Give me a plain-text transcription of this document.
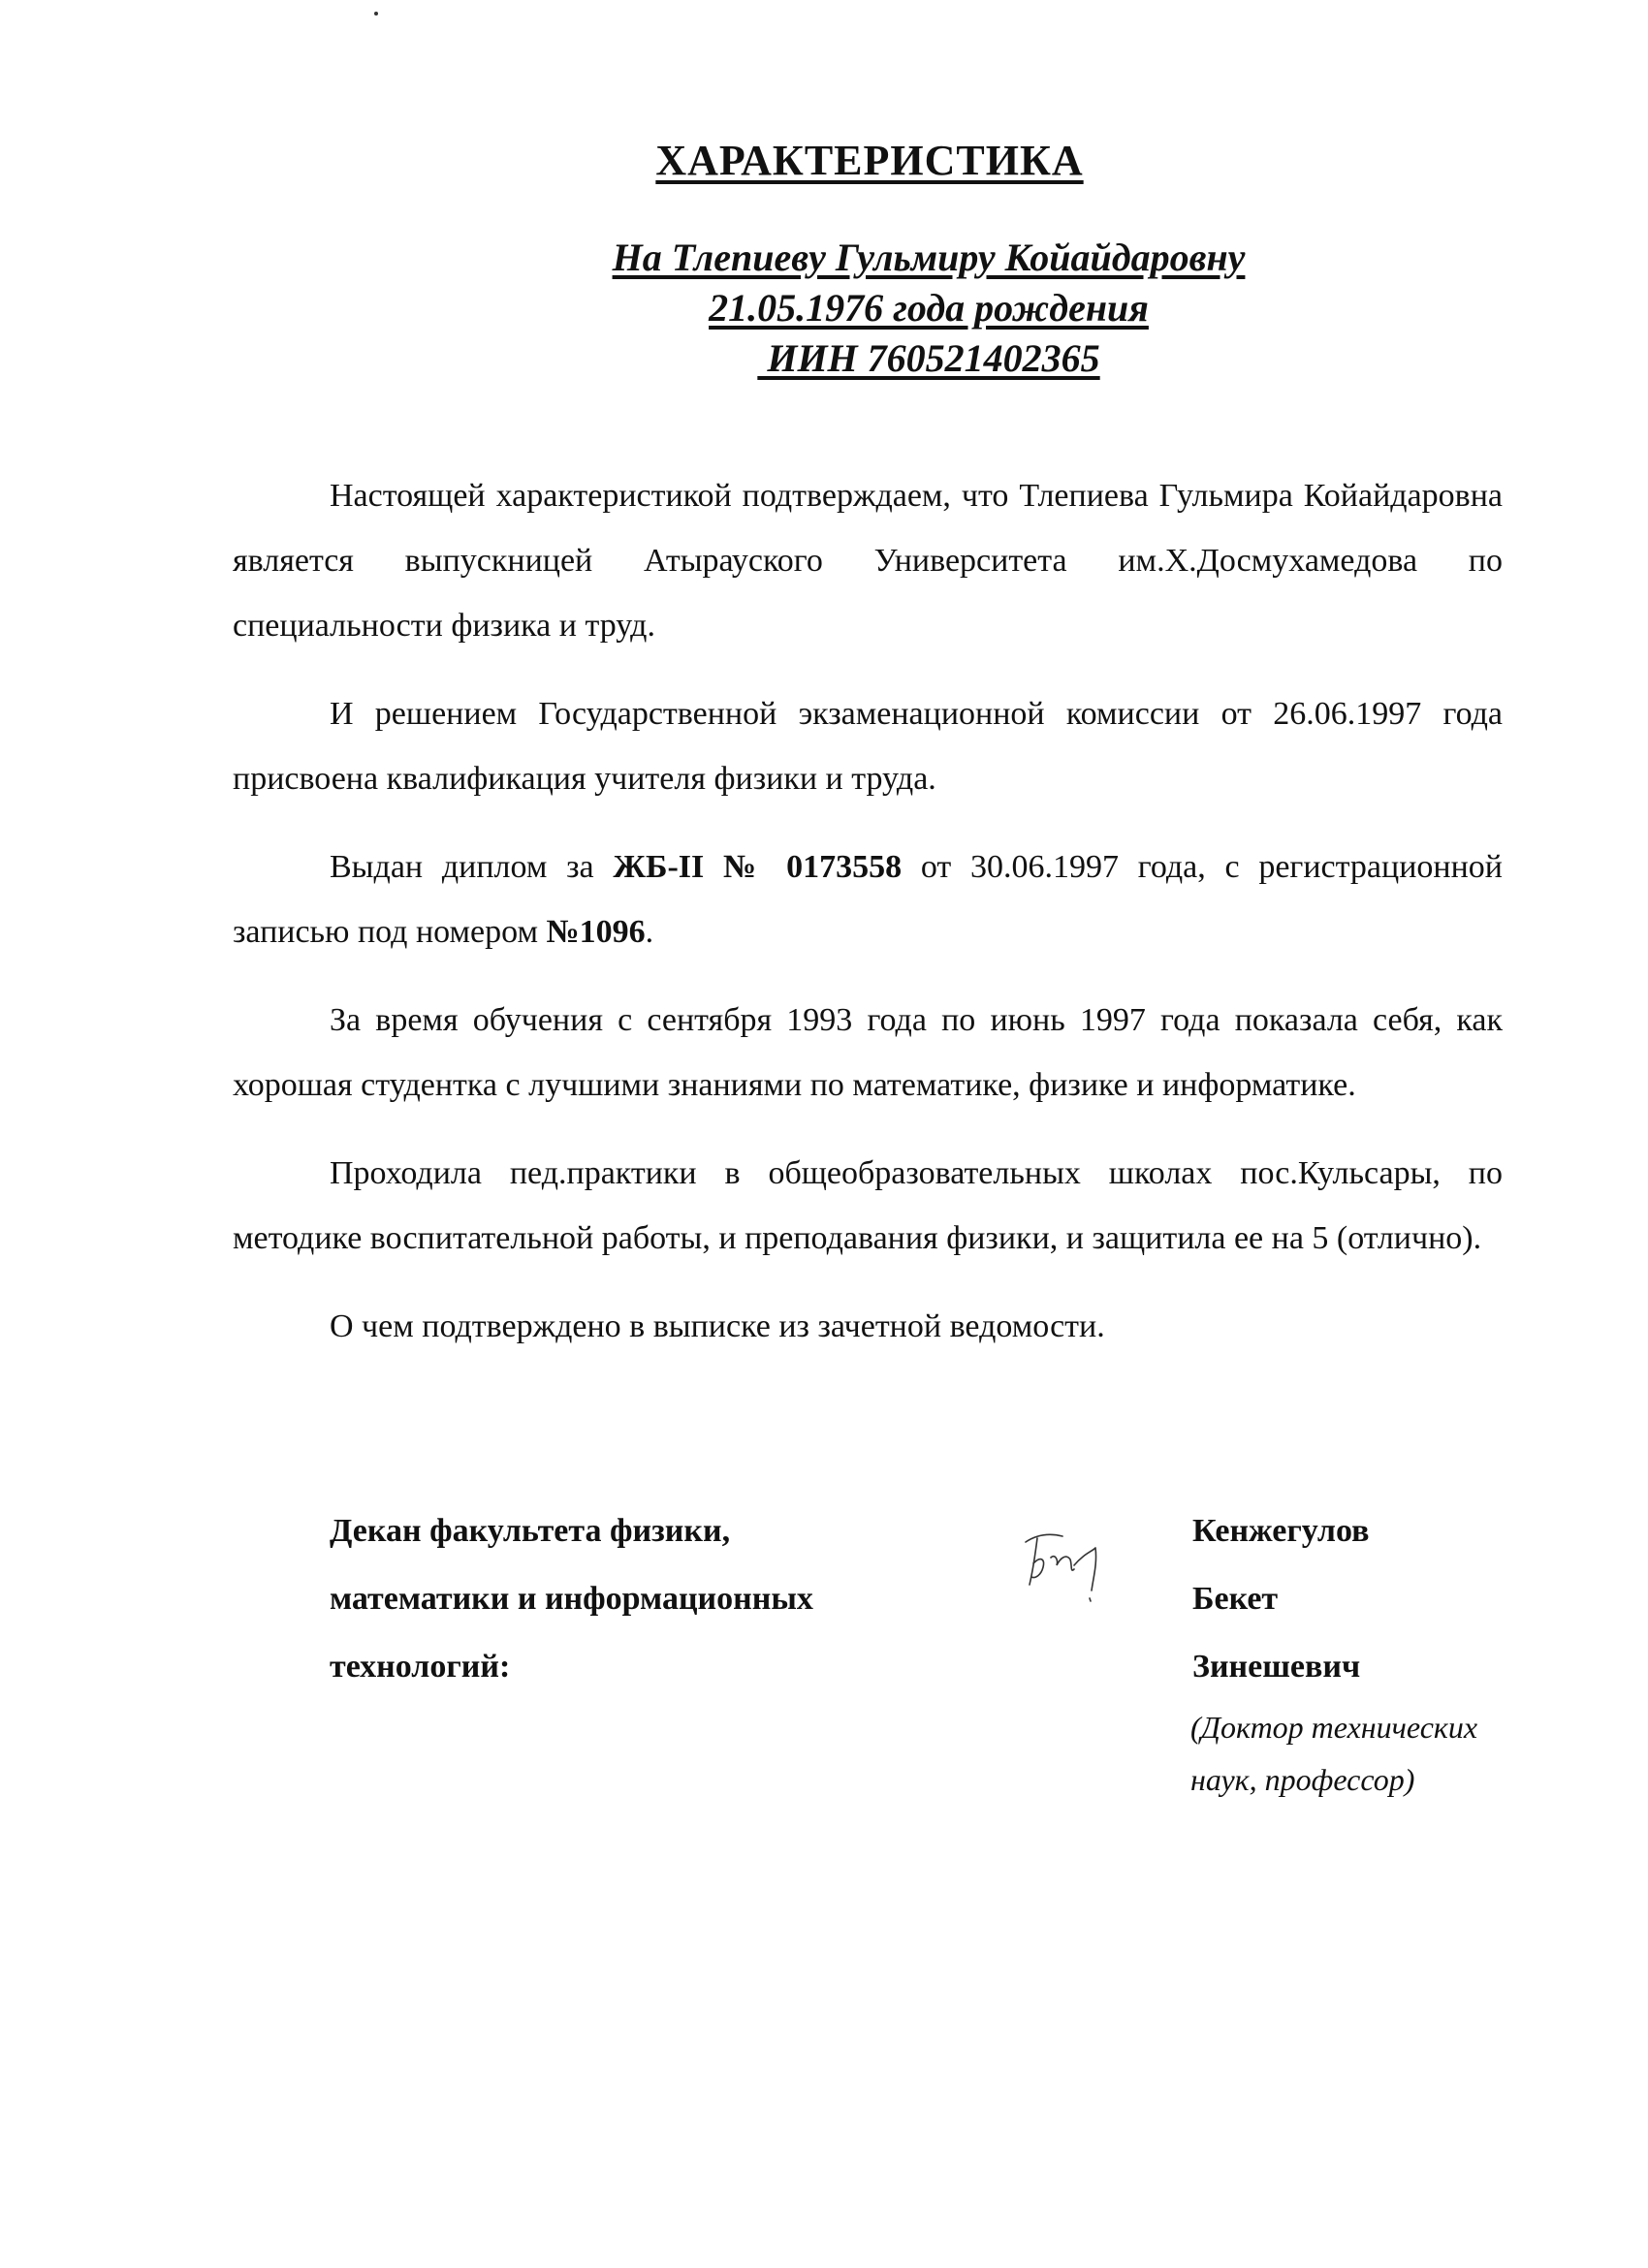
ХАРАКТЕРИСТИКА
На Тлепиеву Гульмиру Койайдаровну
21.05.1976 года рождения
ИИН 760521402365

Настоящей характеристикой подтверждаем, что Тлепиева Гульмира Койайдаровна является выпускницей Атырауского Университета им.Х.Досмухамедова по специальности физика и труд.

И решением Государственной экзаменационной комиссии от 26.06.1997 года присвоена квалификация учителя физики и труда.

Выдан диплом за ЖБ-II № 0173558 от 30.06.1997 года, с регистрационной записью под номером №1096.

За время обучения с сентября 1993 года по июнь 1997 года показала себя, как хорошая студентка с лучшими знаниями по математике, физике и информатике.

Проходила пед.практики в общеобразовательных школах пос.Кульсары, по методике воспитательной работы, и преподавания физики, и защитила ее на 5 (отлично).

О чем подтверждено в выписке из зачетной ведомости.

Декан факультета физики,
математики и информационных
технологий:
Кенжегулов
Бекет
Зинешевич
(Доктор технических
наук, профессор)
